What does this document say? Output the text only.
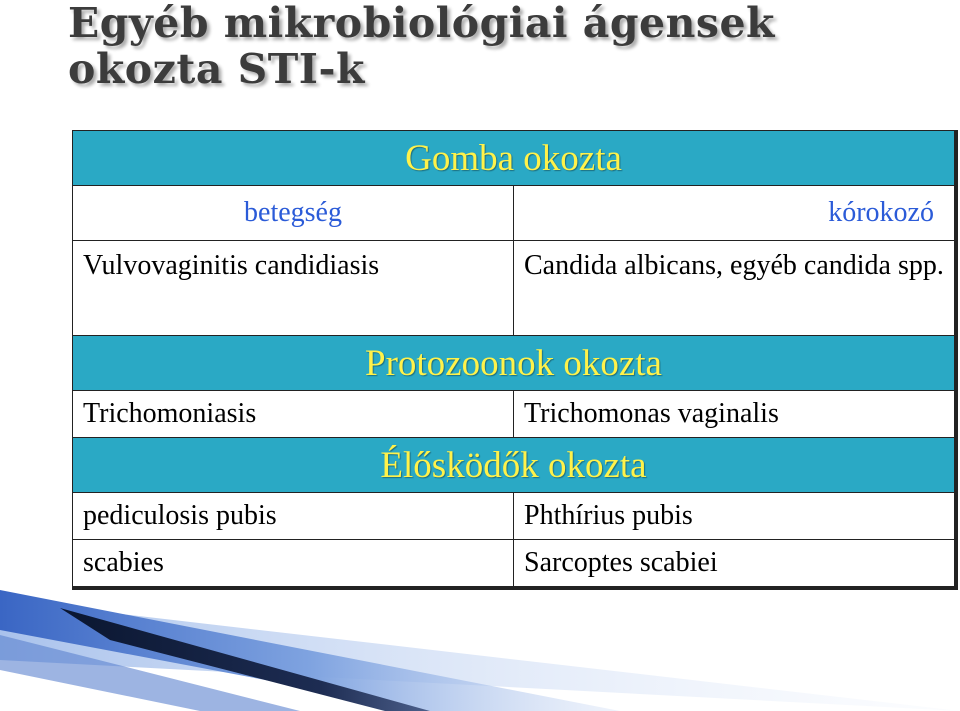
Egyéb mikrobiológiai ágensek
okozta STI-k
Gomba okozta	
betegség	kórokozó
Vulvovaginitis candidiasis	Candida albicans, egyéb candida spp.
Protozoonok okozta	
Trichomoniasis	Trichomonas vaginalis
Élősködők okozta	
pediculosis pubis	Phthírius pubis
scabies	Sarcoptes scabiei
